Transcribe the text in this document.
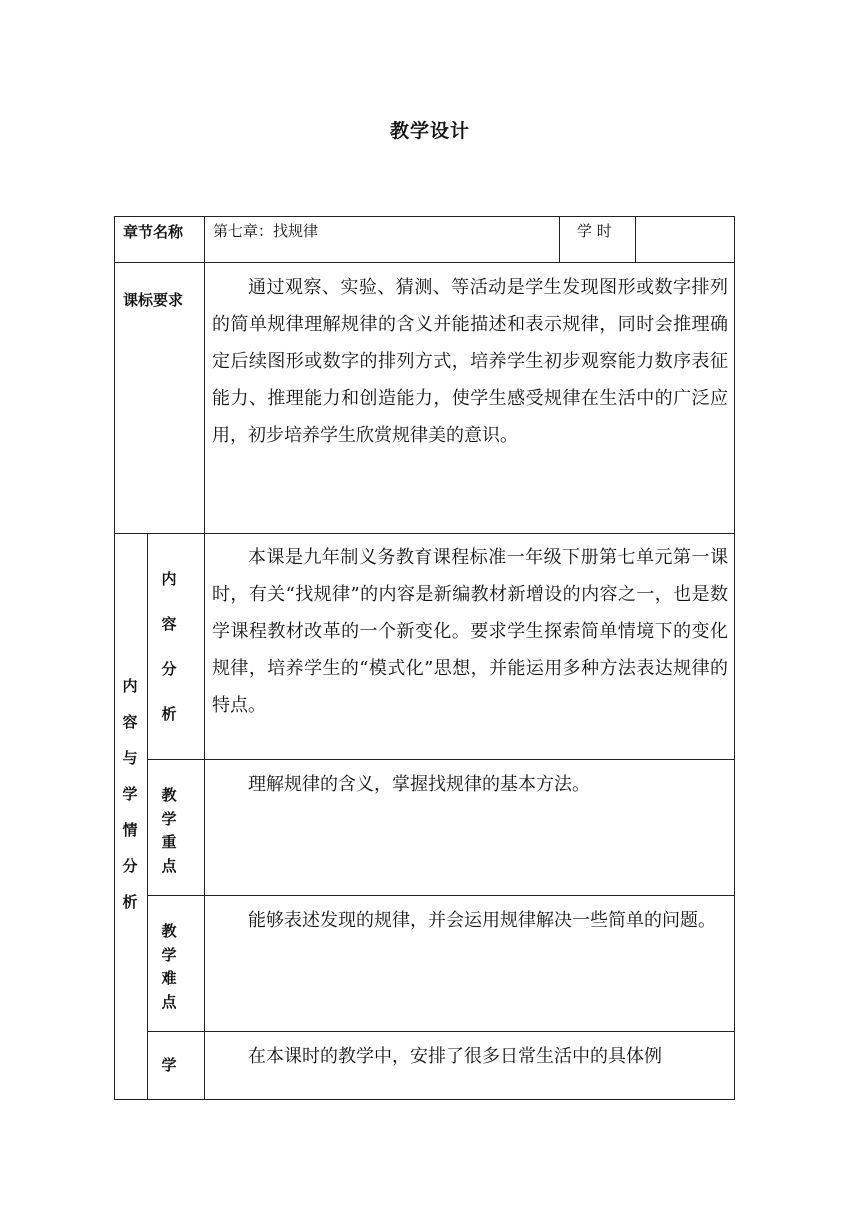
教学设计
章节名称 第七章：找规律	学 时
课标要求
通过观察、实验、猜测、等活动是学生发现图形或数字排列的简单规律理解规律的含义并能描述和表示规律，同时会推理确定后续图形或数字的排列方式，培养学生初步观察能力数序表征能力、推理能力和创造能力，使学生感受规律在生活中的广泛应用，初步培养学生欣赏规律美的意识。
内容与学情分析
内容分析
本课是九年制义务教育课程标准一年级下册第七单元第一课时，有关“找规律”的内容是新编教材新增设的内容之一，也是数学课程教材改革的一个新变化。要求学生探索简单情境下的变化规律，培养学生的“模式化”思想，并能运用多种方法表达规律的特点。
教学重点
理解规律的含义，掌握找规律的基本方法。
教学难点
能够表述发现的规律，并会运用规律解决一些简单的问题。
学	在本课时的教学中，安排了很多日常生活中的具体例
